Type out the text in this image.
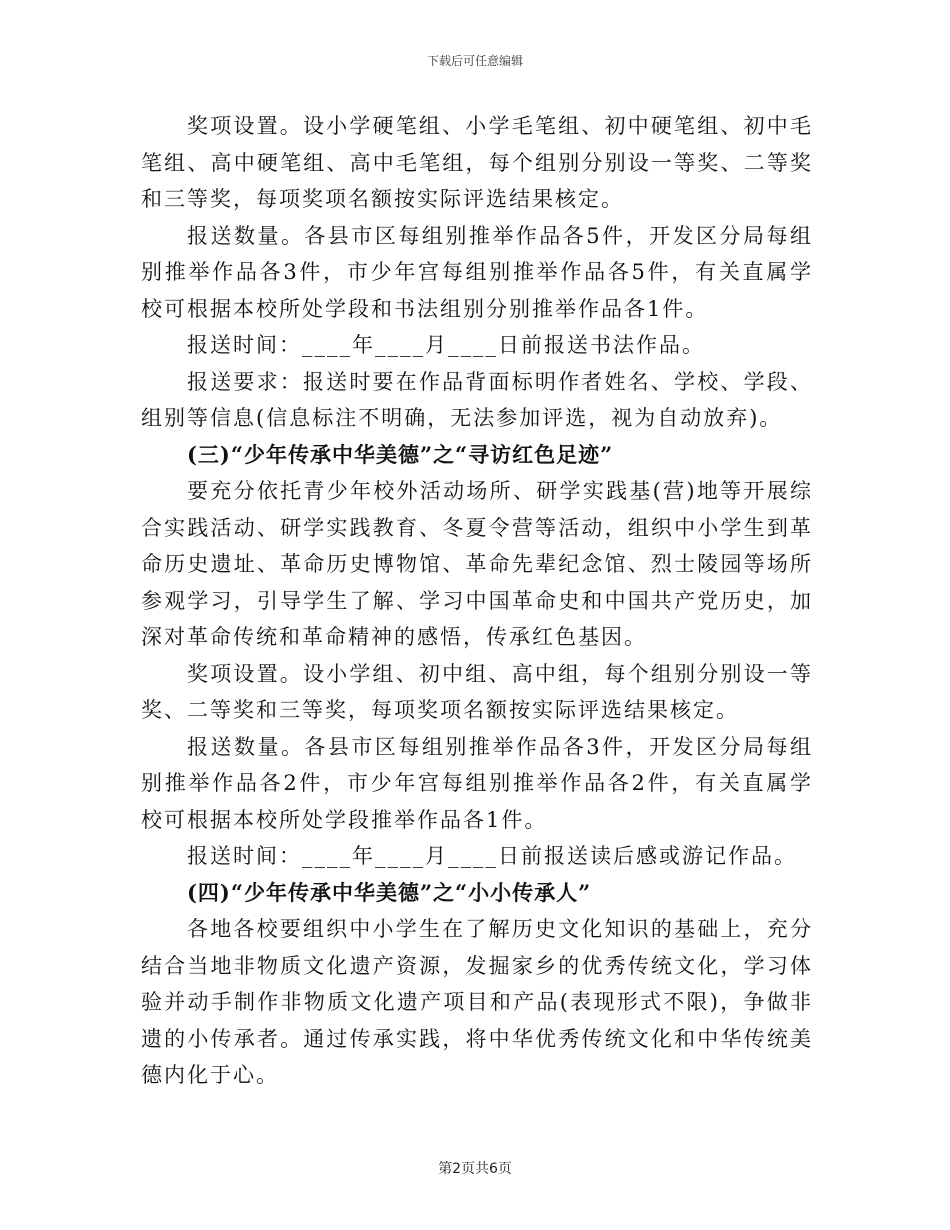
下载后可任意编辑

奖项设置。设小学硬笔组、小学毛笔组、初中硬笔组、初中毛笔组、高中硬笔组、高中毛笔组，每个组别分别设一等奖、二等奖和三等奖，每项奖项名额按实际评选结果核定。

报送数量。各县市区每组别推举作品各5件，开发区分局每组别推举作品各3件，市少年宫每组别推举作品各5件，有关直属学校可根据本校所处学段和书法组别分别推举作品各1件。

报送时间：____年____月____日前报送书法作品。

报送要求：报送时要在作品背面标明作者姓名、学校、学段、组别等信息(信息标注不明确，无法参加评选，视为自动放弃)。

(三)“少年传承中华美德”之“寻访红色足迹”

要充分依托青少年校外活动场所、研学实践基(营)地等开展综合实践活动、研学实践教育、冬夏令营等活动，组织中小学生到革命历史遗址、革命历史博物馆、革命先辈纪念馆、烈士陵园等场所参观学习，引导学生了解、学习中国革命史和中国共产党历史，加深对革命传统和革命精神的感悟，传承红色基因。

奖项设置。设小学组、初中组、高中组，每个组别分别设一等奖、二等奖和三等奖，每项奖项名额按实际评选结果核定。

报送数量。各县市区每组别推举作品各3件，开发区分局每组别推举作品各2件，市少年宫每组别推举作品各2件，有关直属学校可根据本校所处学段推举作品各1件。

报送时间：____年____月____日前报送读后感或游记作品。

(四)“少年传承中华美德”之“小小传承人”

各地各校要组织中小学生在了解历史文化知识的基础上，充分结合当地非物质文化遗产资源，发掘家乡的优秀传统文化，学习体验并动手制作非物质文化遗产项目和产品(表现形式不限)，争做非遗的小传承者。通过传承实践，将中华优秀传统文化和中华传统美德内化于心。

第2页共6页
